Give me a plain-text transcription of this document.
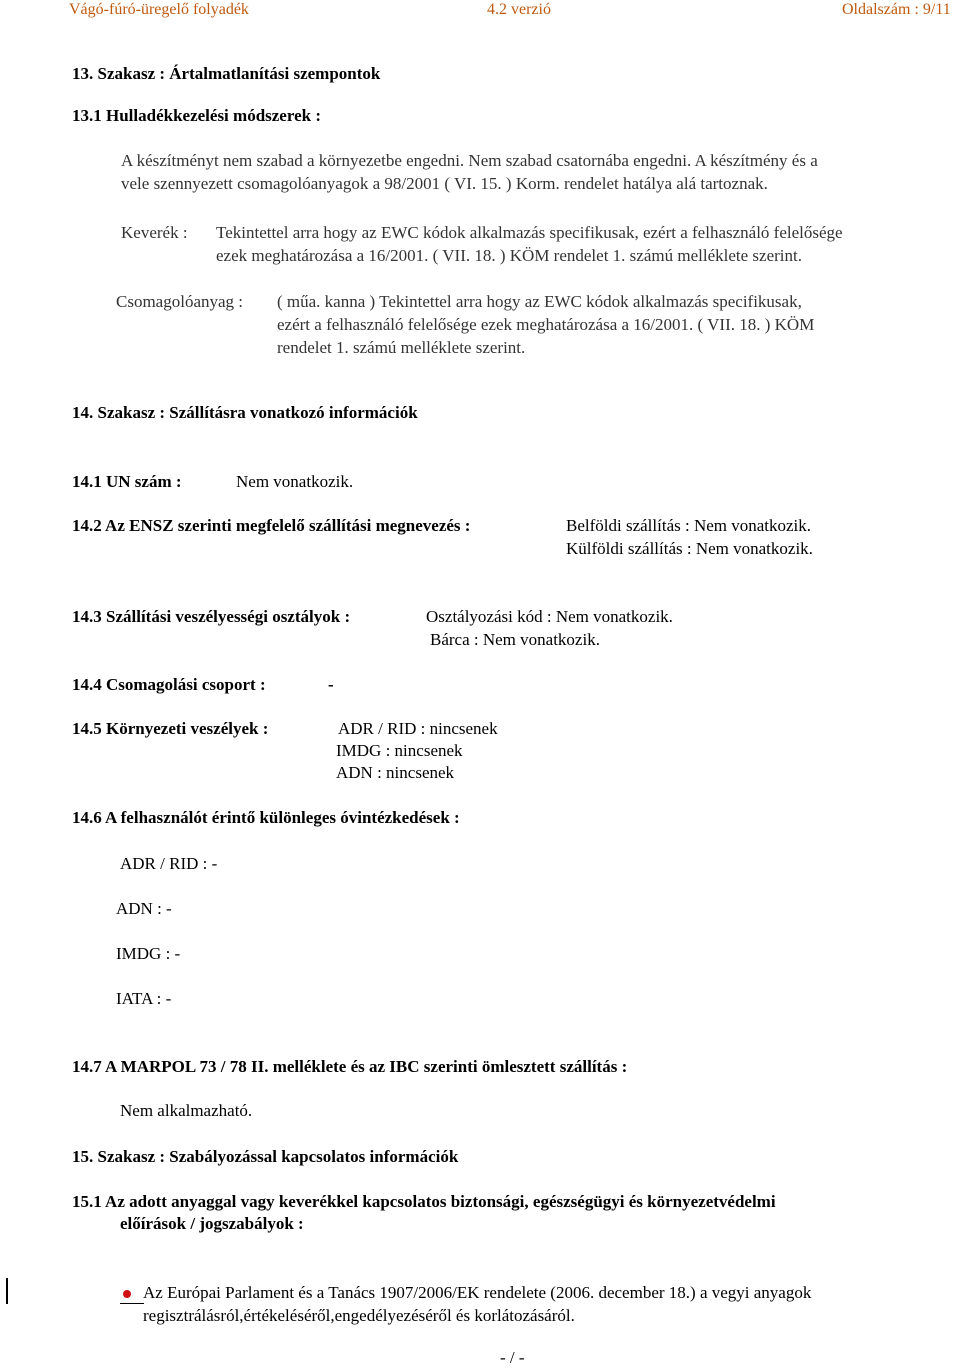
Vágó-fúró-üregelő folyadék	4.2 verzió	Oldalszám : 9/11
13. Szakasz : Ártalmatlanítási szempontok
13.1 Hulladékkezelési módszerek :
A készítményt nem szabad a környezetbe engedni. Nem szabad csatornába engedni. A készítmény és a
vele szennyezett csomagolóanyagok a 98/2001 ( VI. 15. ) Korm. rendelet hatálya alá tartoznak.
Keverék : Tekintettel arra hogy az EWC kódok alkalmazás specifikusak, ezért a felhasználó felelősége
ezek meghatározása a 16/2001. ( VII. 18. ) KÖM rendelet 1. számú melléklete szerint.
Csomagolóanyag : ( műa. kanna ) Tekintettel arra hogy az EWC kódok alkalmazás specifikusak,
ezért a felhasználó felelősége ezek meghatározása a 16/2001. ( VII. 18. ) KÖM
rendelet 1. számú melléklete szerint.
14. Szakasz : Szállításra vonatkozó információk
14.1 UN szám :	Nem vonatkozik.
14.2 Az ENSZ szerinti megfelelő szállítási megnevezés :	Belföldi szállítás : Nem vonatkozik.
Külföldi szállítás : Nem vonatkozik.
14.3 Szállítási veszélyességi osztályok :	Osztályozási kód : Nem vonatkozik.
Bárca : Nem vonatkozik.
14.4 Csomagolási csoport :	-
14.5 Környezeti veszélyek :	ADR / RID : nincsenek
IMDG : nincsenek
ADN : nincsenek
14.6 A felhasználót érintő különleges óvintézkedések :
ADR / RID : -
ADN : -
IMDG : -
IATA : -
14.7 A MARPOL 73 / 78 II. melléklete és az IBC szerinti ömlesztett szállítás :
Nem alkalmazható.
15. Szakasz : Szabályozással kapcsolatos információk
15.1 Az adott anyaggal vagy keverékkel kapcsolatos biztonsági, egészségügyi és környezetvédelmi
előírások / jogszabályok :
Az Európai Parlament és a Tanács 1907/2006/EK rendelete (2006. december 18.) a vegyi anyagok
regisztrálásról,értékeléséről,engedélyezéséről és korlátozásáról.
- / -
